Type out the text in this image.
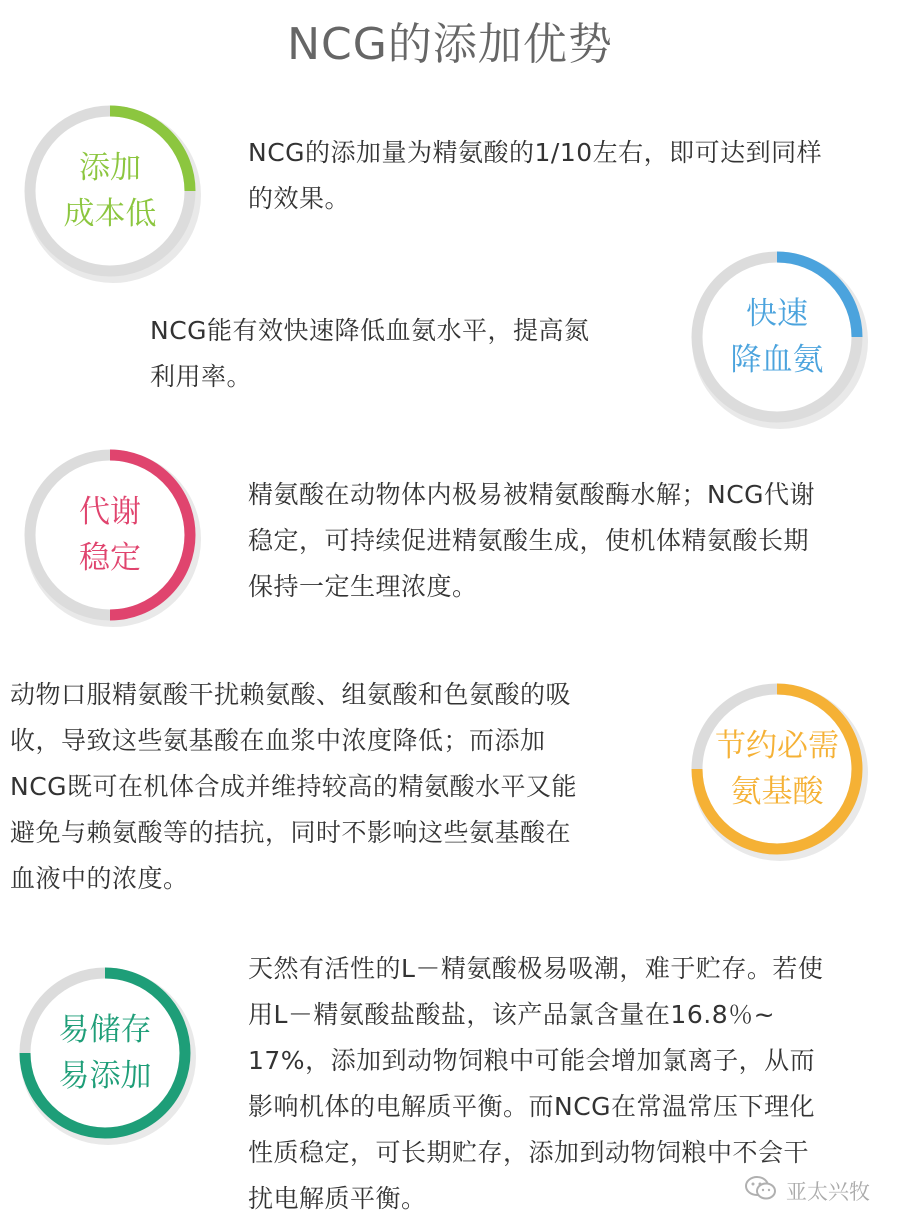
NCG的添加优势
添加
成本低
NCG的添加量为精氨酸的1/10左右，即可达到同样
的效果。
快速
降血氨
NCG能有效快速降低血氨水平，提高氮
利用率。
代谢
稳定
精氨酸在动物体内极易被精氨酸酶水解；NCG代谢
稳定，可持续促进精氨酸生成，使机体精氨酸长期
保持一定生理浓度。
节约必需
氨基酸
动物口服精氨酸干扰赖氨酸、组氨酸和色氨酸的吸
收，导致这些氨基酸在血浆中浓度降低；而添加
NCG既可在机体合成并维持较高的精氨酸水平又能
避免与赖氨酸等的拮抗，同时不影响这些氨基酸在
血液中的浓度。
易储存
易添加
天然有活性的L－精氨酸极易吸潮，难于贮存。若使
用L－精氨酸盐酸盐，该产品氯含量在16.8％~
17%，添加到动物饲粮中可能会增加氯离子，从而
影响机体的电解质平衡。而NCG在常温常压下理化
性质稳定，可长期贮存，添加到动物饲粮中不会干
扰电解质平衡。	亚太兴牧
